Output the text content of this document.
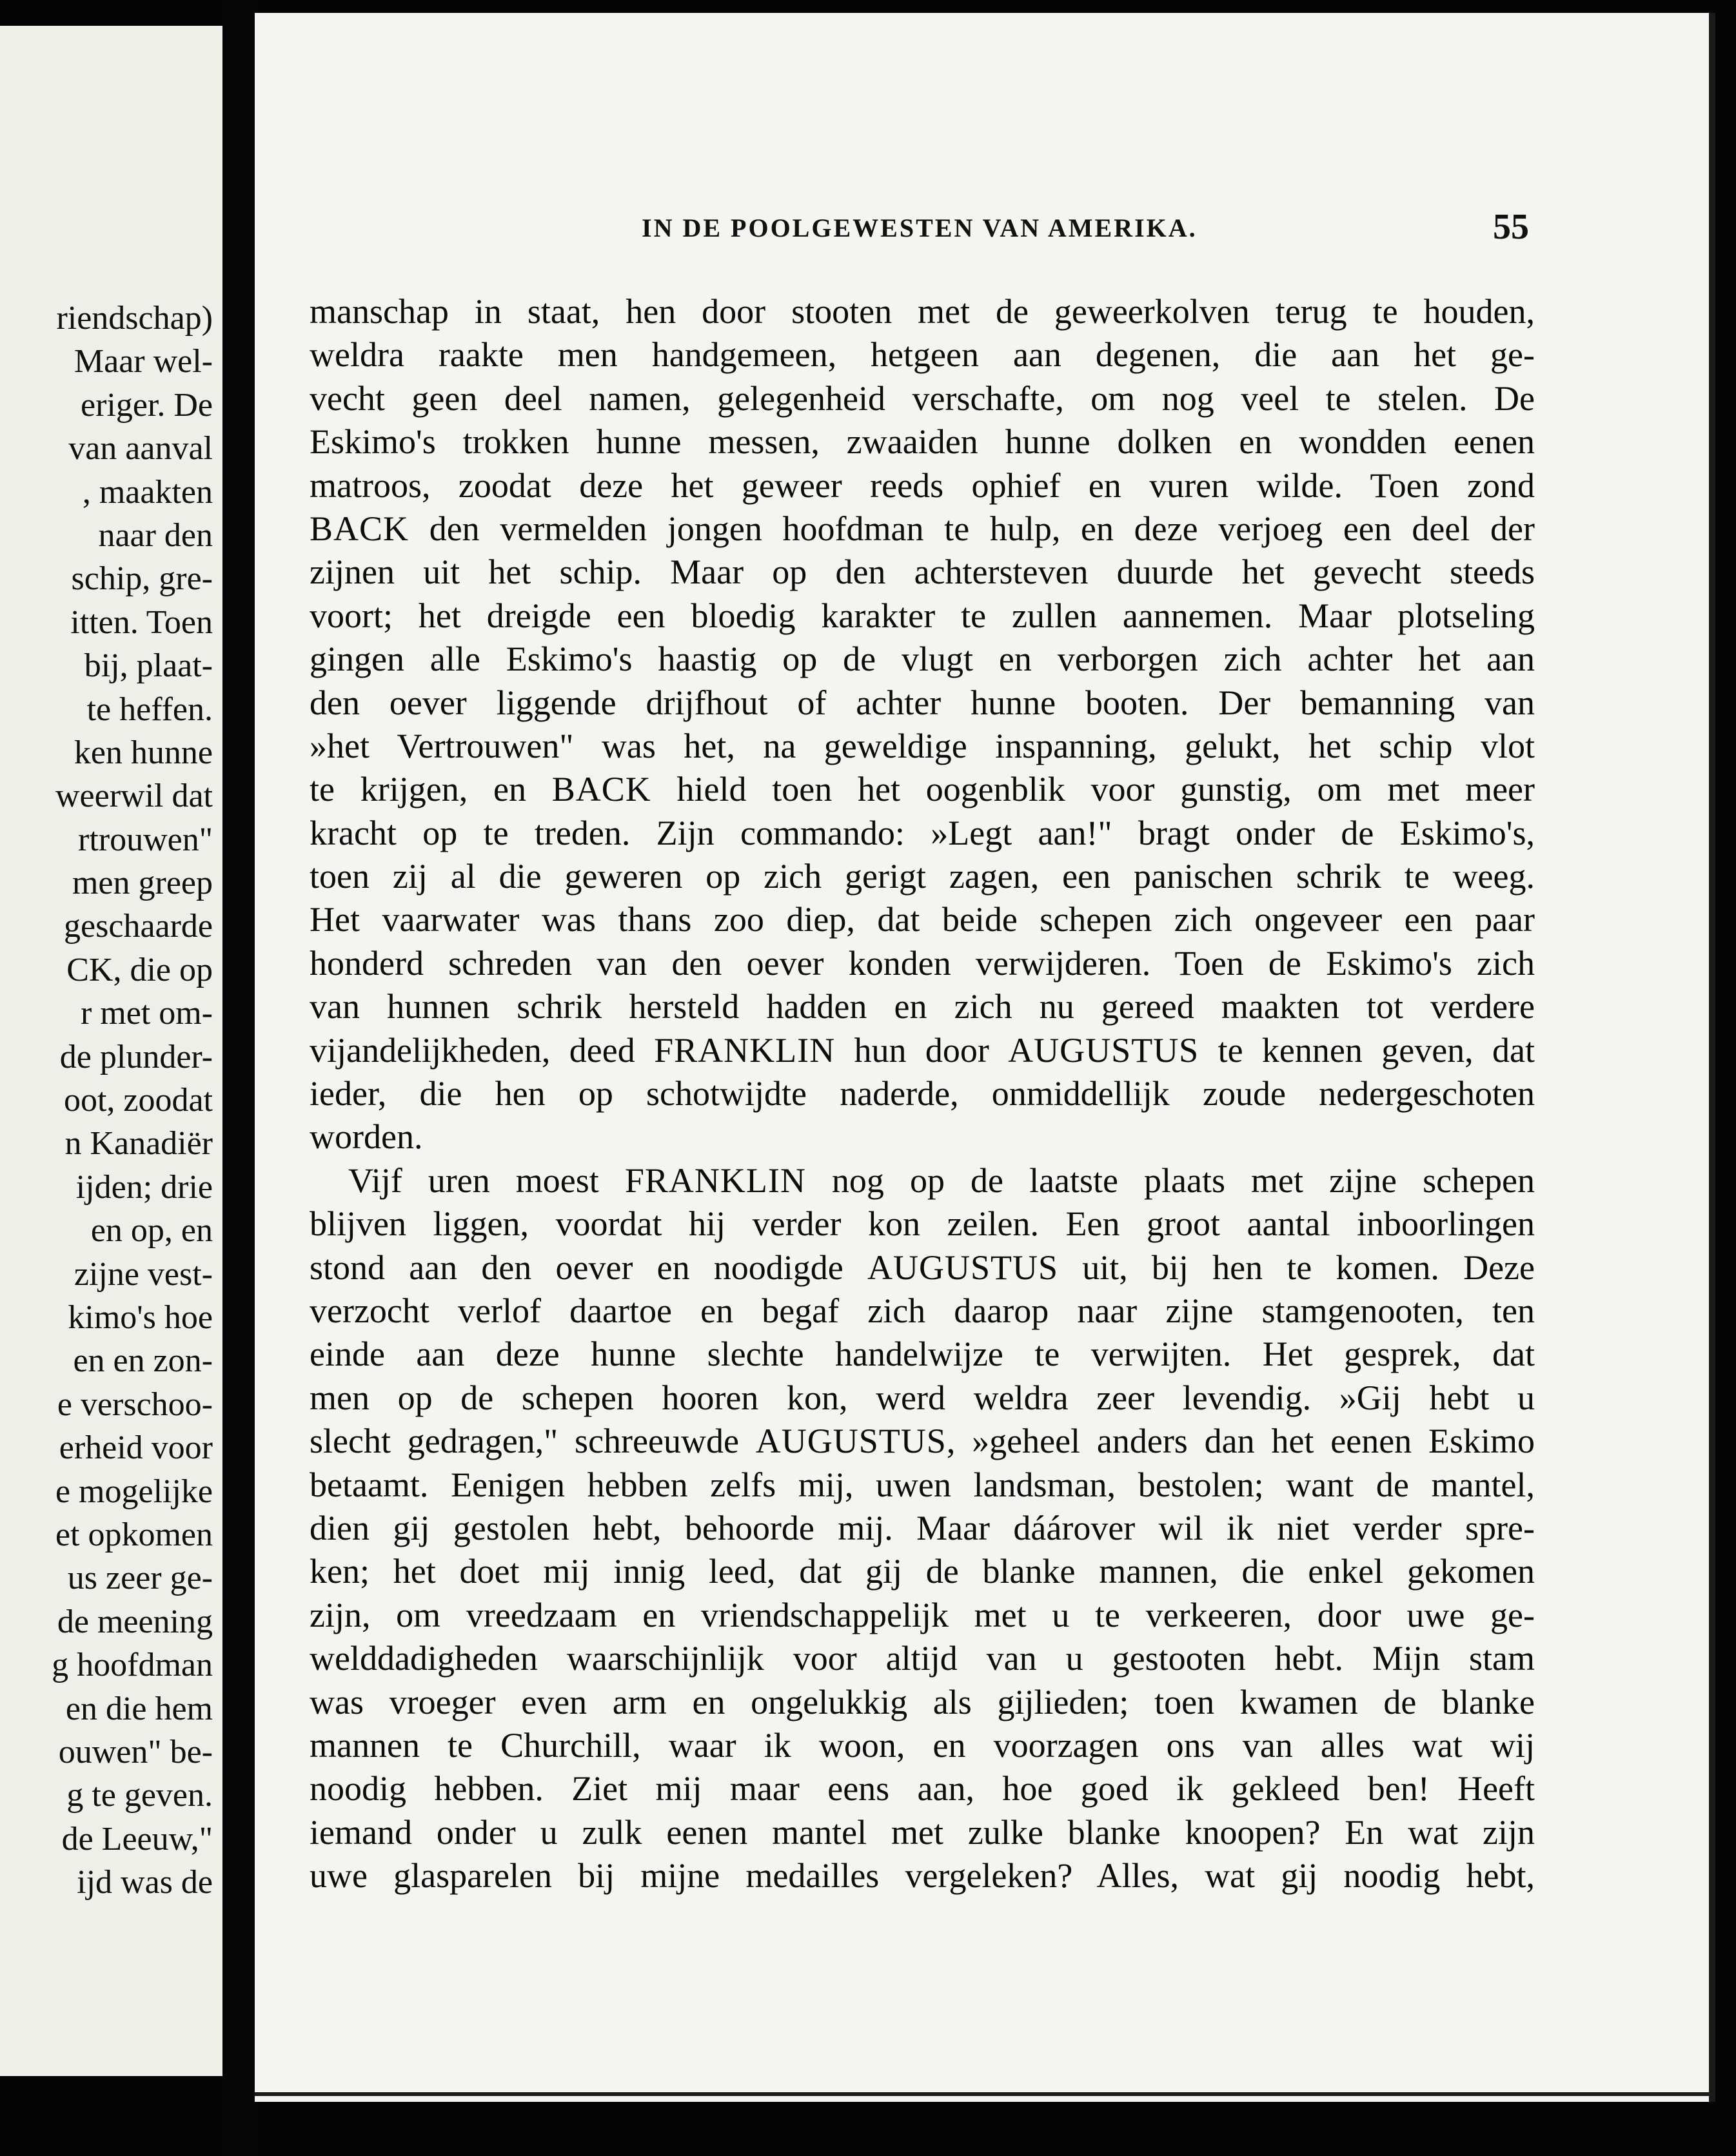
riendschap)
Maar wel-
eriger. De
van aanval
, maakten
naar den
schip, gre-
itten. Toen
bij, plaat-
te heffen.
ken hunne
weerwil dat
rtrouwen"
men greep
geschaarde
CK, die op
r met om-
de plunder-
oot, zoodat
n Kanadiër
ijden; drie
en op, en
zijne vest-
kimo's hoe
en en zon-
e verschoo-
erheid voor
e mogelijke
et opkomen
us zeer ge-
de meening
g hoofdman
en die hem
ouwen" be-
g te geven.
de Leeuw,"
ijd was de
IN DE POOLGEWESTEN VAN AMERIKA.	55
manschap in staat, hen door stooten met de geweerkolven terug te houden,
weldra raakte men handgemeen, hetgeen aan degenen, die aan het ge-
vecht geen deel namen, gelegenheid verschafte, om nog veel te stelen. De
Eskimo's trokken hunne messen, zwaaiden hunne dolken en wondden eenen
matroos, zoodat deze het geweer reeds ophief en vuren wilde. Toen zond
BACK den vermelden jongen hoofdman te hulp, en deze verjoeg een deel der
zijnen uit het schip. Maar op den achtersteven duurde het gevecht steeds
voort; het dreigde een bloedig karakter te zullen aannemen. Maar plotseling
gingen alle Eskimo's haastig op de vlugt en verborgen zich achter het aan
den oever liggende drijfhout of achter hunne booten. Der bemanning van
»het Vertrouwen" was het, na geweldige inspanning, gelukt, het schip vlot
te krijgen, en BACK hield toen het oogenblik voor gunstig, om met meer
kracht op te treden. Zijn commando: »Legt aan!" bragt onder de Eskimo's,
toen zij al die geweren op zich gerigt zagen, een panischen schrik te weeg.
Het vaarwater was thans zoo diep, dat beide schepen zich ongeveer een paar
honderd schreden van den oever konden verwijderen. Toen de Eskimo's zich
van hunnen schrik hersteld hadden en zich nu gereed maakten tot verdere
vijandelijkheden, deed FRANKLIN hun door AUGUSTUS te kennen geven, dat
ieder, die hen op schotwijdte naderde, onmiddellijk zoude nedergeschoten
worden.
Vijf uren moest FRANKLIN nog op de laatste plaats met zijne schepen
blijven liggen, voordat hij verder kon zeilen. Een groot aantal inboorlingen
stond aan den oever en noodigde AUGUSTUS uit, bij hen te komen. Deze
verzocht verlof daartoe en begaf zich daarop naar zijne stamgenooten, ten
einde aan deze hunne slechte handelwijze te verwijten. Het gesprek, dat
men op de schepen hooren kon, werd weldra zeer levendig. »Gij hebt u
slecht gedragen," schreeuwde AUGUSTUS, »geheel anders dan het eenen Eskimo
betaamt. Eenigen hebben zelfs mij, uwen landsman, bestolen; want de mantel,
dien gij gestolen hebt, behoorde mij. Maar dáárover wil ik niet verder spre-
ken; het doet mij innig leed, dat gij de blanke mannen, die enkel gekomen
zijn, om vreedzaam en vriendschappelijk met u te verkeeren, door uwe ge-
welddadigheden waarschijnlijk voor altijd van u gestooten hebt. Mijn stam
was vroeger even arm en ongelukkig als gijlieden; toen kwamen de blanke
mannen te Churchill, waar ik woon, en voorzagen ons van alles wat wij
noodig hebben. Ziet mij maar eens aan, hoe goed ik gekleed ben! Heeft
iemand onder u zulk eenen mantel met zulke blanke knoopen? En wat zijn
uwe glasparelen bij mijne medailles vergeleken? Alles, wat gij noodig hebt,
